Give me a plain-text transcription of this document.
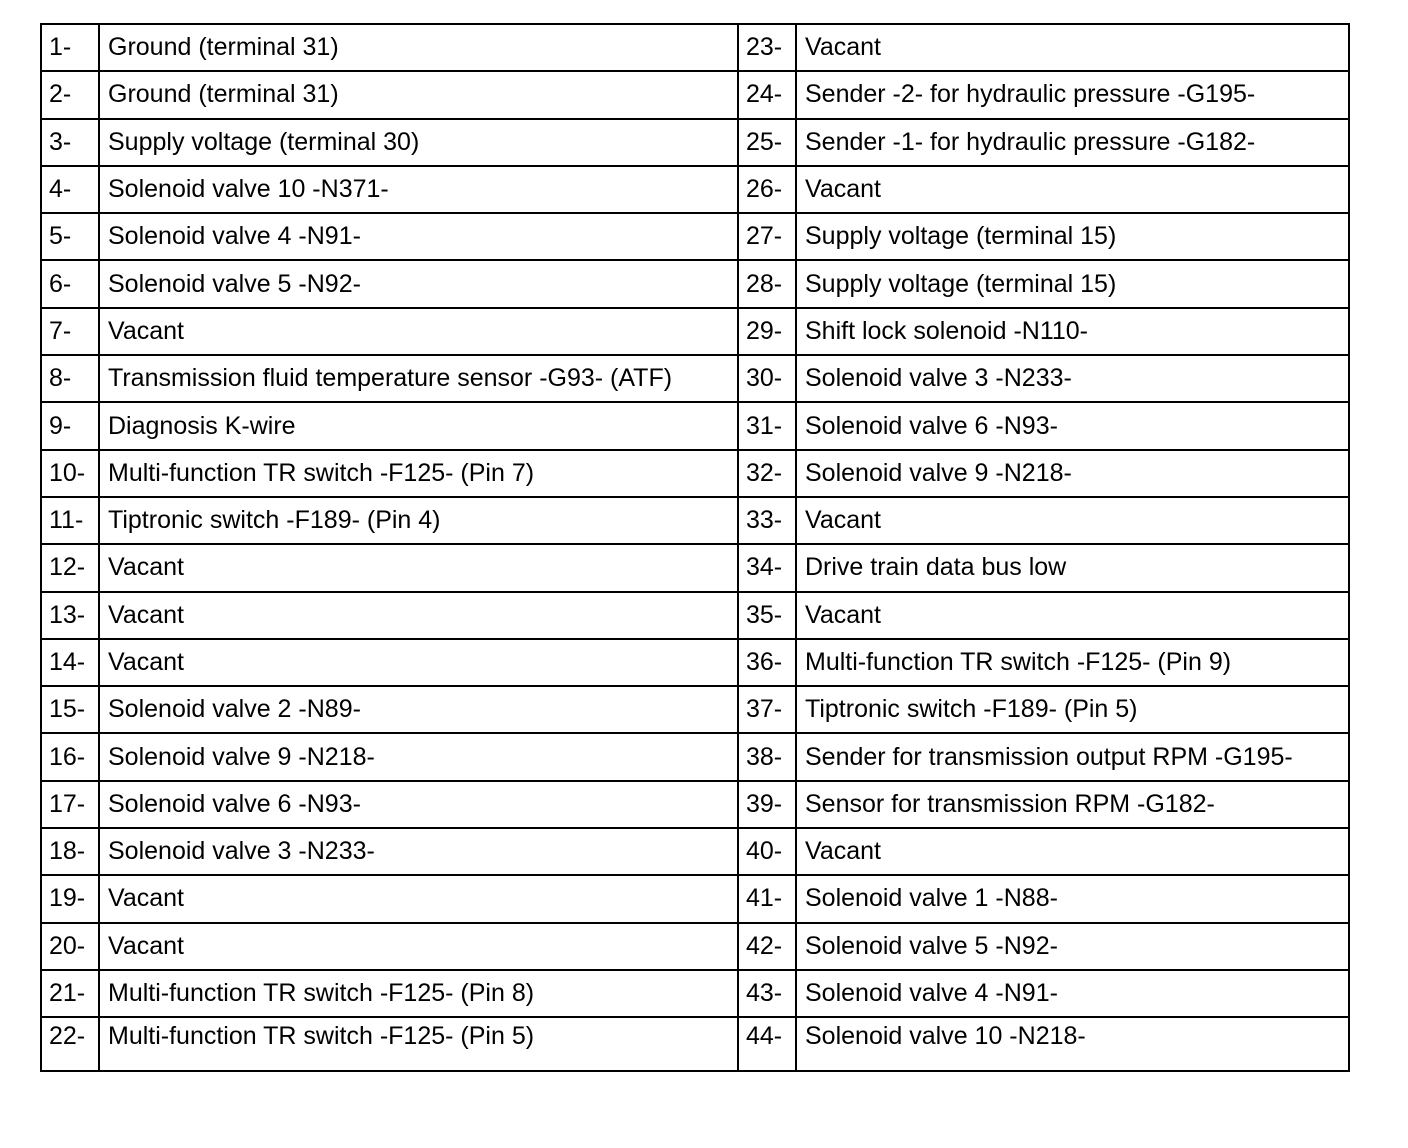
1-	Ground (terminal 31)	23-	Vacant
2-	Ground (terminal 31)	24-	Sender -2- for hydraulic pressure -G195-
3-	Supply voltage (terminal 30)	25-	Sender -1- for hydraulic pressure -G182-
4-	Solenoid valve 10 -N371-	26-	Vacant
5-	Solenoid valve 4 -N91-	27-	Supply voltage (terminal 15)
6-	Solenoid valve 5 -N92-	28-	Supply voltage (terminal 15)
7-	Vacant	29-	Shift lock solenoid -N110-
8-	Transmission fluid temperature sensor -G93- (ATF)	30-	Solenoid valve 3 -N233-
9-	Diagnosis K-wire	31-	Solenoid valve 6 -N93-
10-	Multi-function TR switch -F125- (Pin 7)	32-	Solenoid valve 9 -N218-
11-	Tiptronic switch -F189- (Pin 4)	33-	Vacant
12-	Vacant	34-	Drive train data bus low
13-	Vacant	35-	Vacant
14-	Vacant	36-	Multi-function TR switch -F125- (Pin 9)
15-	Solenoid valve 2 -N89-	37-	Tiptronic switch -F189- (Pin 5)
16-	Solenoid valve 9 -N218-	38-	Sender for transmission output RPM -G195-
17-	Solenoid valve 6 -N93-	39-	Sensor for transmission RPM -G182-
18-	Solenoid valve 3 -N233-	40-	Vacant
19-	Vacant	41-	Solenoid valve 1 -N88-
20-	Vacant	42-	Solenoid valve 5 -N92-
21-	Multi-function TR switch -F125- (Pin 8)	43-	Solenoid valve 4 -N91-
22-	Multi-function TR switch -F125- (Pin 5)	44-	Solenoid valve 10 -N218-
